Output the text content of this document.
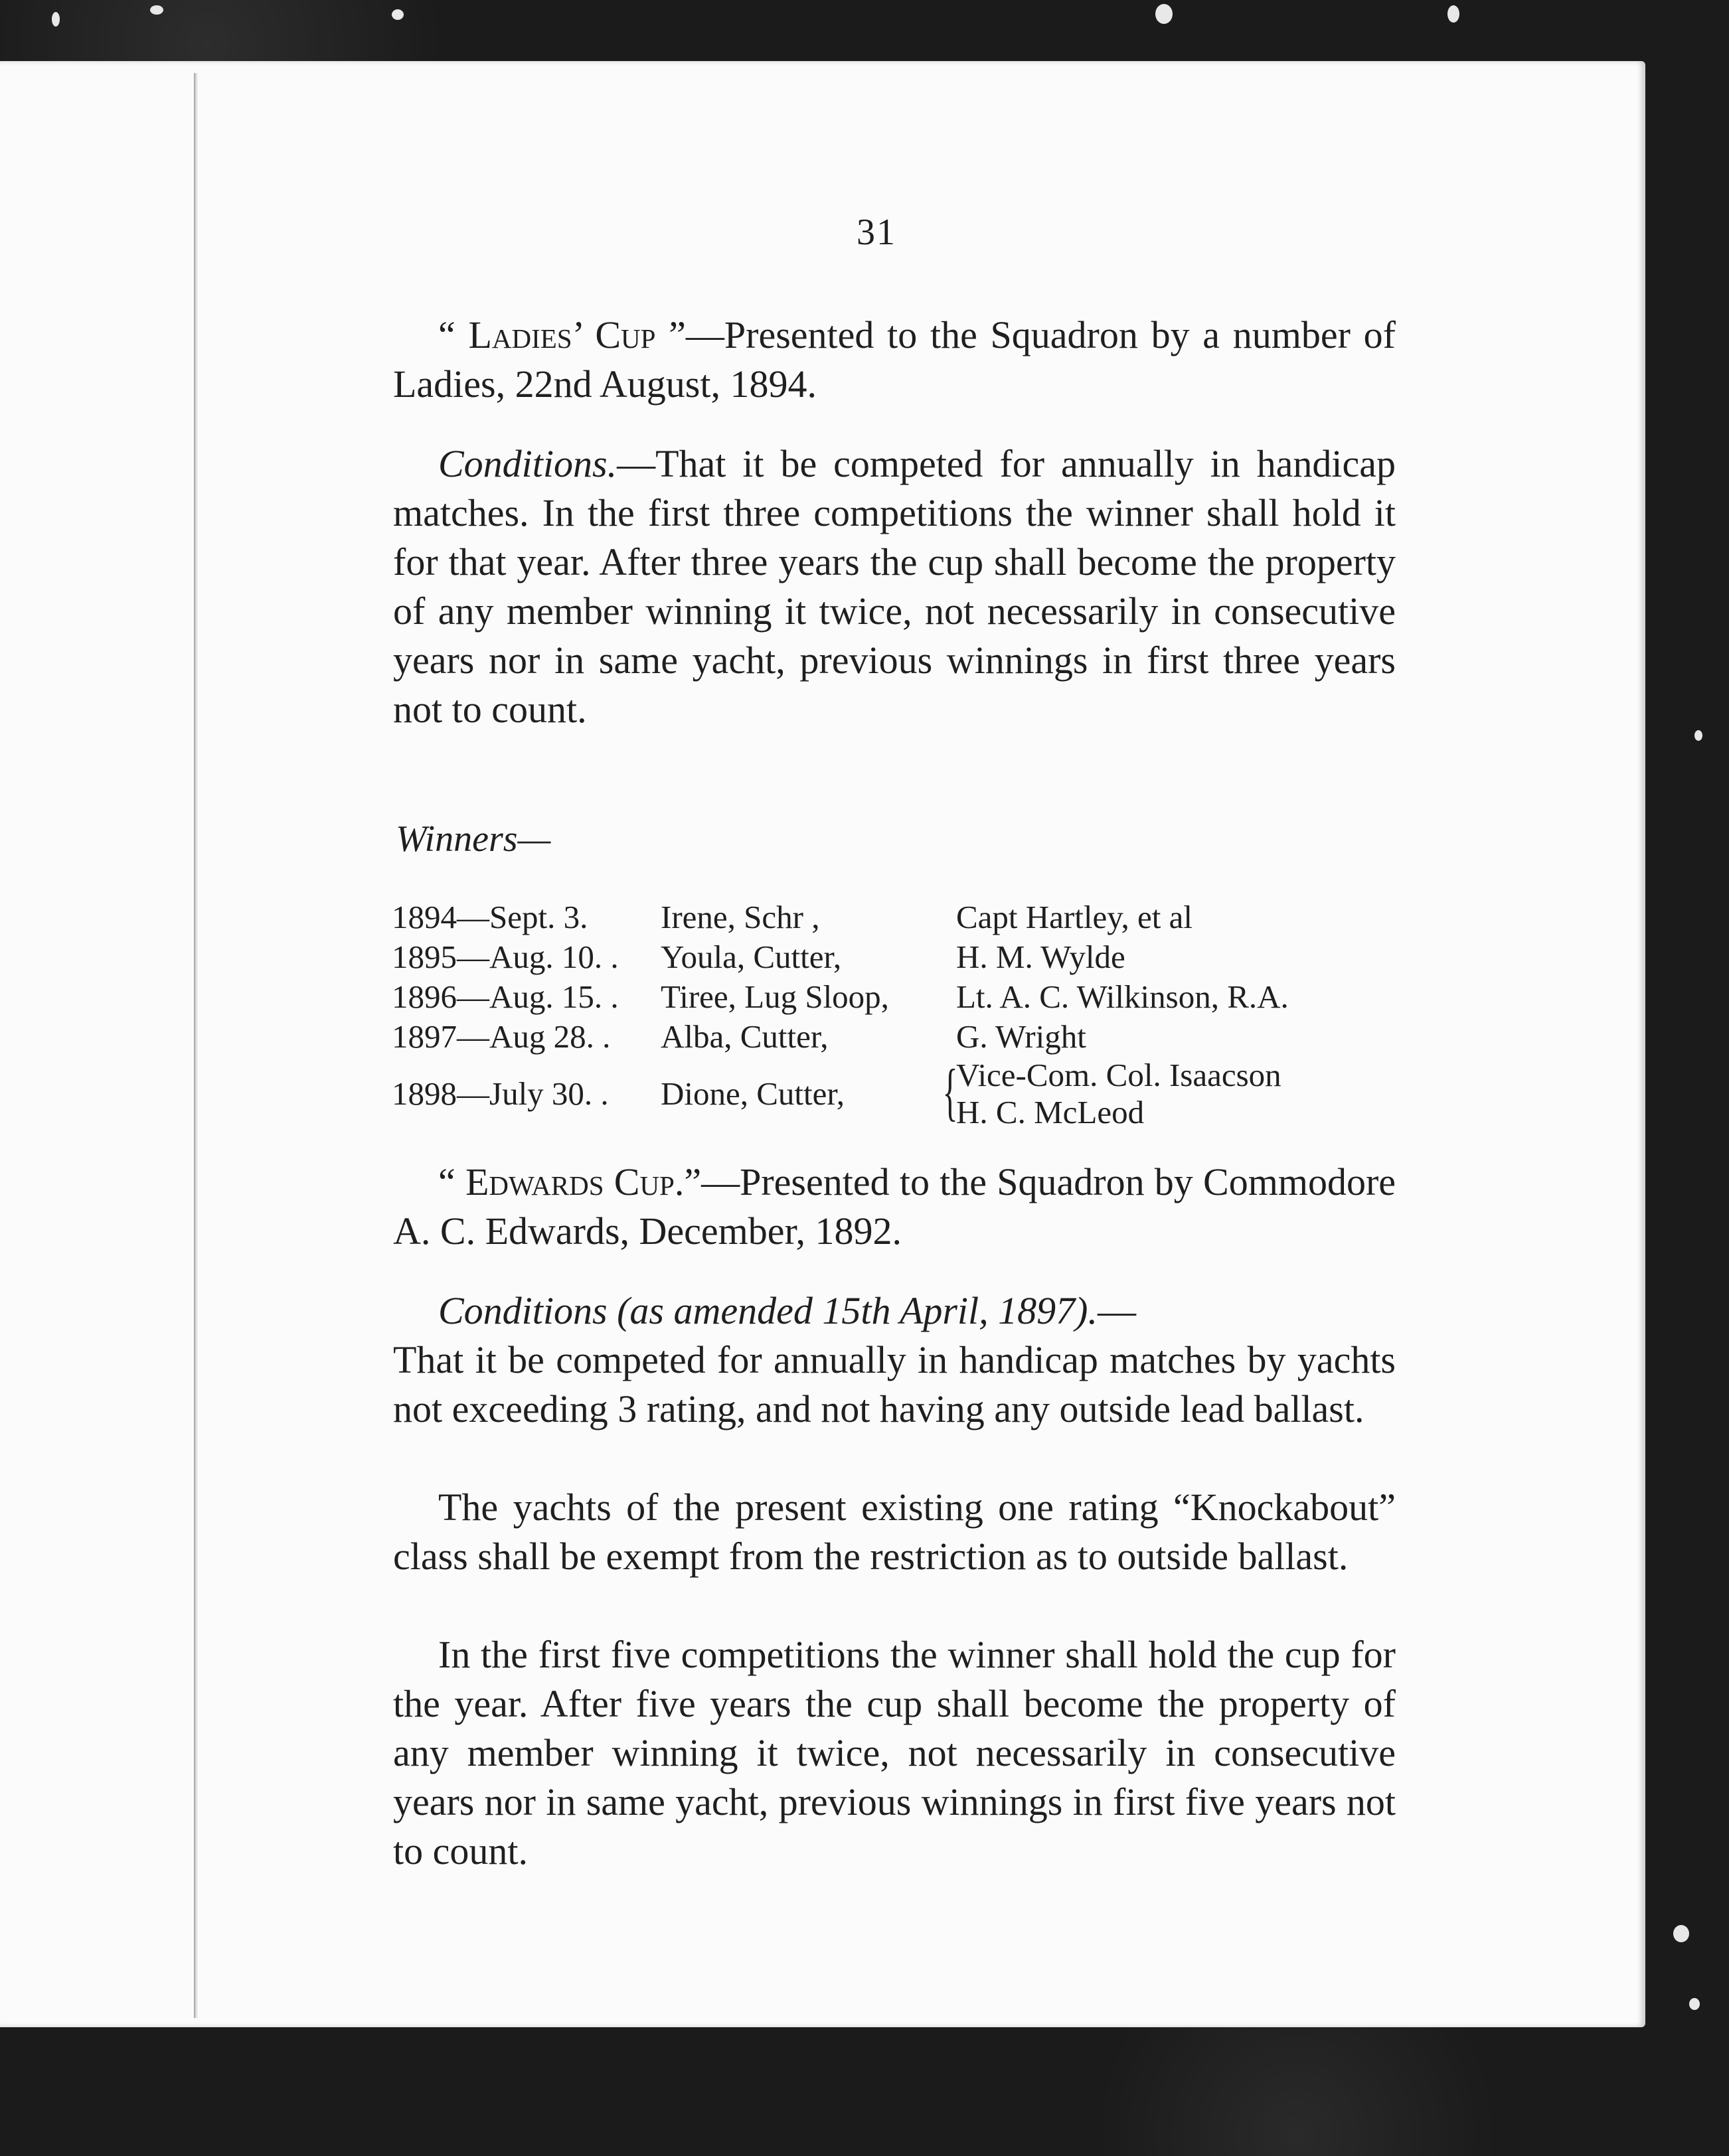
31
“ Ladies’ Cup ”—Presented to the Squadron by a number of Ladies, 22nd August, 1894.
Conditions.—That it be competed for annually in handicap matches. In the first three competitions the winner shall hold it for that year. After three years the cup shall become the property of any member winning it twice, not necessarily in consecutive years nor in same yacht, previous winnings in first three years not to count.
Winners—
1894—Sept. 3. Irene, Schr ,	Capt Hartley, et al
1895—Aug. 10. . Youla, Cutter,	H. M. Wylde
1896—Aug. 15. . Tiree, Lug Sloop, Lt. A. C. Wilkinson, R.A.
1897—Aug 28. . Alba, Cutter,	G. Wright
1898—July 30. . Dione, Cutter, {
Vice-Com. Col. Isaacson
H. C. McLeod
“ Edwards Cup.”—Presented to the Squadron by Commodore A. C. Edwards, December, 1892.
Conditions (as amended 15th April, 1897).—
That it be competed for annually in handicap matches by yachts not exceeding 3 rating, and not having any outside lead ballast.
The yachts of the present existing one rating “Knockabout” class shall be exempt from the restriction as to outside ballast.
In the first five competitions the winner shall hold the cup for the year. After five years the cup shall become the property of any member winning it twice, not necessarily in consecutive years nor in same yacht, previous winnings in first five years not to count.
